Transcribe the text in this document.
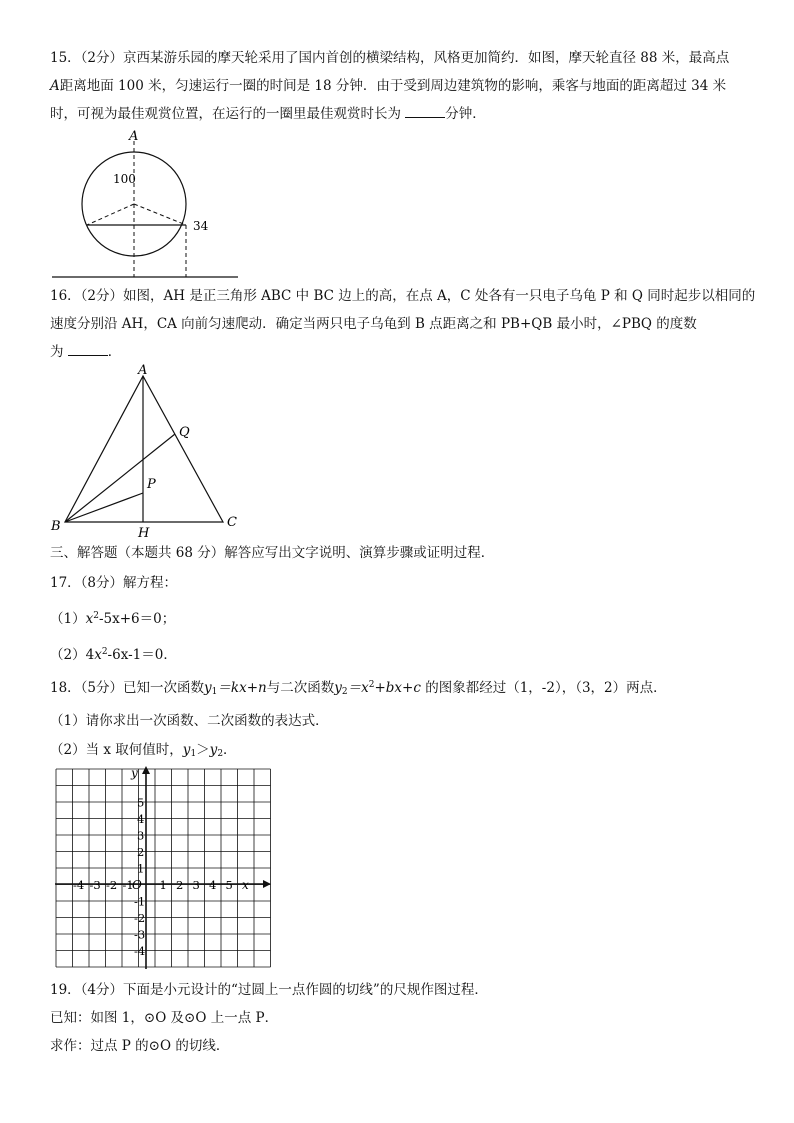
15．（2分）京西某游乐园的摩天轮采用了国内首创的横梁结构，风格更加简约．如图，摩天轮直径 88 米，最高点
A距离地面 100 米，匀速运行一圈的时间是 18 分钟．由于受到周边建筑物的影响，乘客与地面的距离超过 34 米
时，可视为最佳观赏位置，在运行的一圈里最佳观赏时长为	分钟．
A
100
34
16．（2分）如图，AH 是正三角形 ABC 中 BC 边上的高，在点 A，C 处各有一只电子乌龟 P 和 Q 同时起步以相同的
速度分别沿 AH，CA 向前匀速爬动．确定当两只电子乌龟到 B 点距离之和 PB+QB 最小时，∠PBQ 的度数
为	．
A
B	C
H
P
Q
三、解答题（本题共 68 分）解答应写出文字说明、演算步骤或证明过程．
17．（8分）解方程：
$(1)x^2-5x+6=0$；
$(2)4x^2-6x-1=0$．
18．（5分）已知一次函数$y_1=kx+n$与二次函数$y_2=x^2+bx+c$ 的图象都经过（1，-2），（3，2）两点．
（1）请你求出一次函数、二次函数的表达式．
（2）当 x 取何值时，$y_1>y_2$．
-4 -3 -2 -1 1 2 3 4 5
5
4
3
2
1
-1
-2
-3
-4
x
y
O
19．（4分）下面是小元设计的“过圆上一点作圆的切线”的尺规作图过程．
已知：如图 1，⊙O 及⊙O 上一点 P．
求作：过点 P 的⊙O 的切线．
